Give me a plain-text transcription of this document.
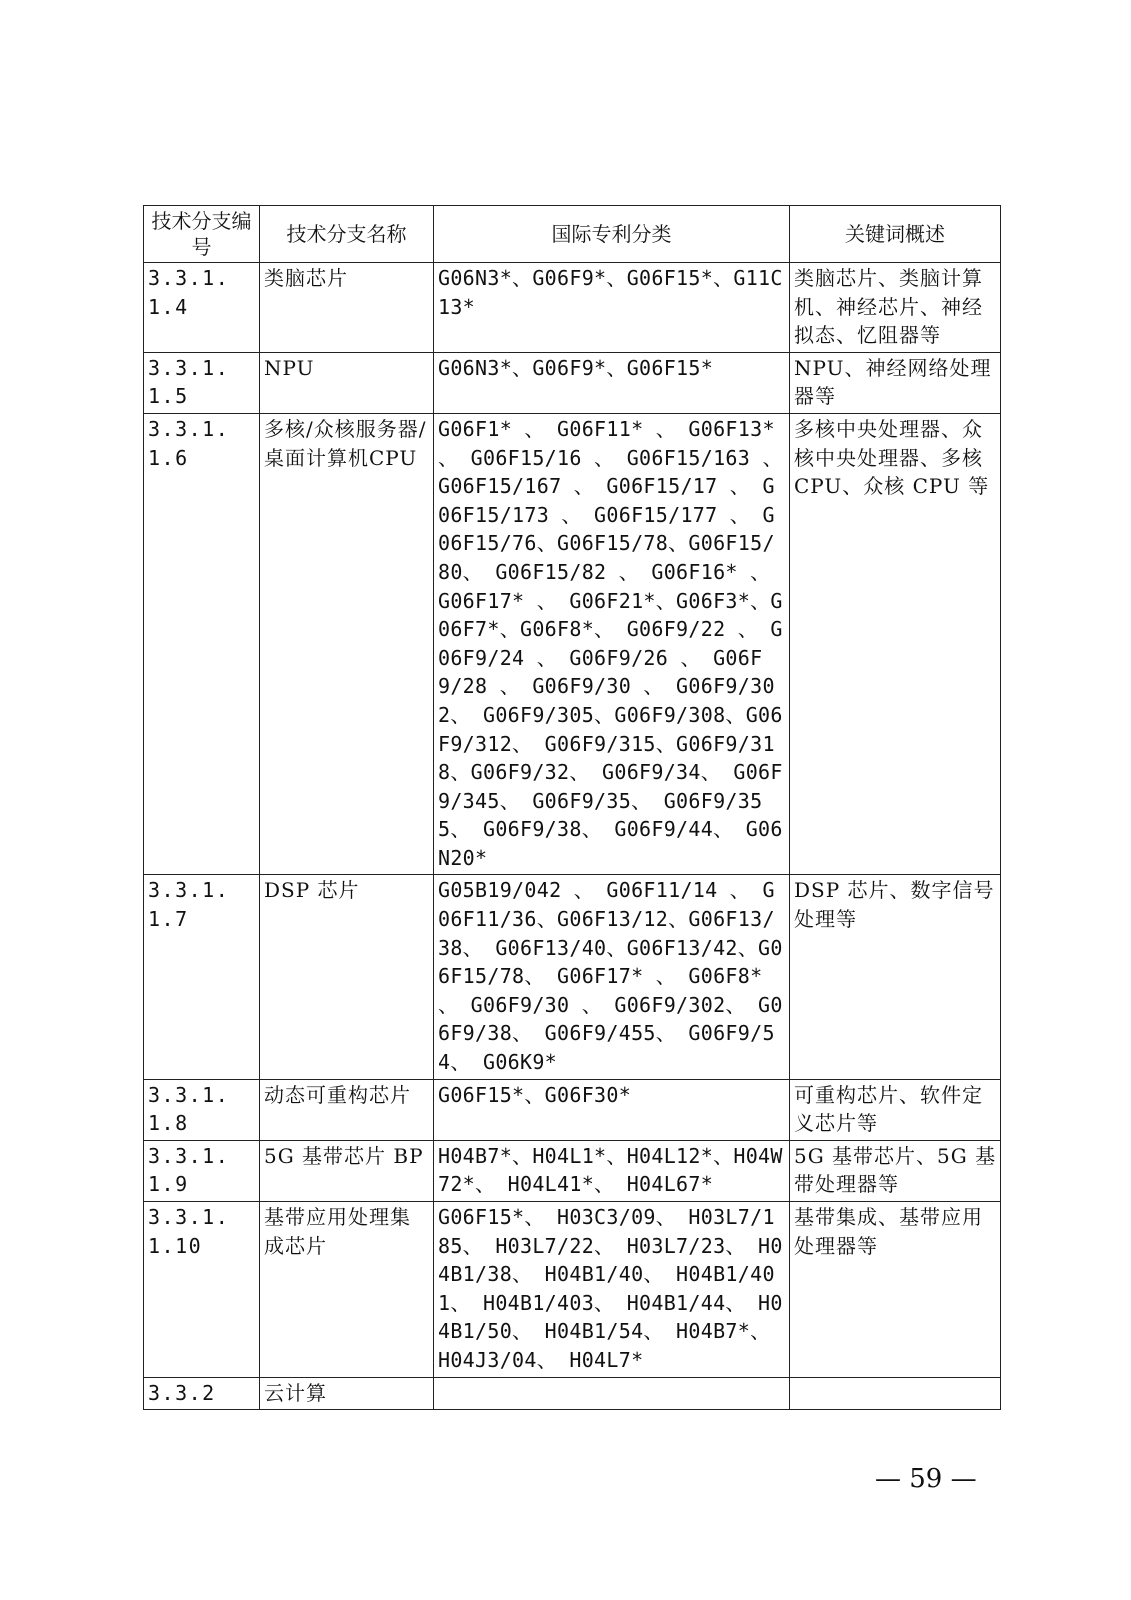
技术分支编号	技术分支名称	国际专利分类	关键词概述
3.3.1.1.4	类脑芯片	G06N3*、G06F9*、G06F15*、G11C13*	类脑芯片、类脑计算机、神经芯片、神经拟态、忆阻器等
3.3.1.1.5	NPU	G06N3*、G06F9*、G06F15*	NPU、神经网络处理器等
3.3.1.1.6	多核/众核服务器/桌面计算机CPU	G06F1* 、 G06F11* 、 G06F13* 、 G06F15/16 、 G06F15/163 、 G06F15/167 、 G06F15/17 、 G06F15/173 、 G06F15/177 、 G06F15/76、G06F15/78、G06F15/80、 G06F15/82 、 G06F16* 、 G06F17* 、 G06F21*、G06F3*、G06F7*、G06F8*、 G06F9/22 、 G06F9/24 、 G06F9/26 、 G06F9/28 、 G06F9/30 、 G06F9/302、 G06F9/305、G06F9/308、G06F9/312、 G06F9/315、G06F9/318、G06F9/32、 G06F9/34、 G06F9/345、 G06F9/35、 G06F9/355、 G06F9/38、 G06F9/44、 G06N20*	多核中央处理器、众核中央处理器、多核CPU、众核 CPU 等
3.3.1.1.7	DSP 芯片	G05B19/042 、 G06F11/14 、 G06F11/36、G06F13/12、G06F13/38、 G06F13/40、G06F13/42、G06F15/78、 G06F17* 、 G06F8* 、 G06F9/30 、 G06F9/302、 G06F9/38、 G06F9/455、 G06F9/54、 G06K9*	DSP 芯片、数字信号处理等
3.3.1.1.8	动态可重构芯片	G06F15*、G06F30*	可重构芯片、软件定义芯片等
3.3.1.1.9	5G 基带芯片 BP	H04B7*、H04L1*、H04L12*、H04W72*、 H04L41*、 H04L67*	5G 基带芯片、5G 基带处理器等
3.3.1.1.10	基带应用处理集成芯片	G06F15*、 H03C3/09、 H03L7/185、 H03L7/22、 H03L7/23、 H04B1/38、 H04B1/40、 H04B1/401、 H04B1/403、 H04B1/44、 H04B1/50、 H04B1/54、 H04B7*、 H04J3/04、 H04L7*	基带集成、基带应用处理器等
3.3.2	云计算		
— 59 —
